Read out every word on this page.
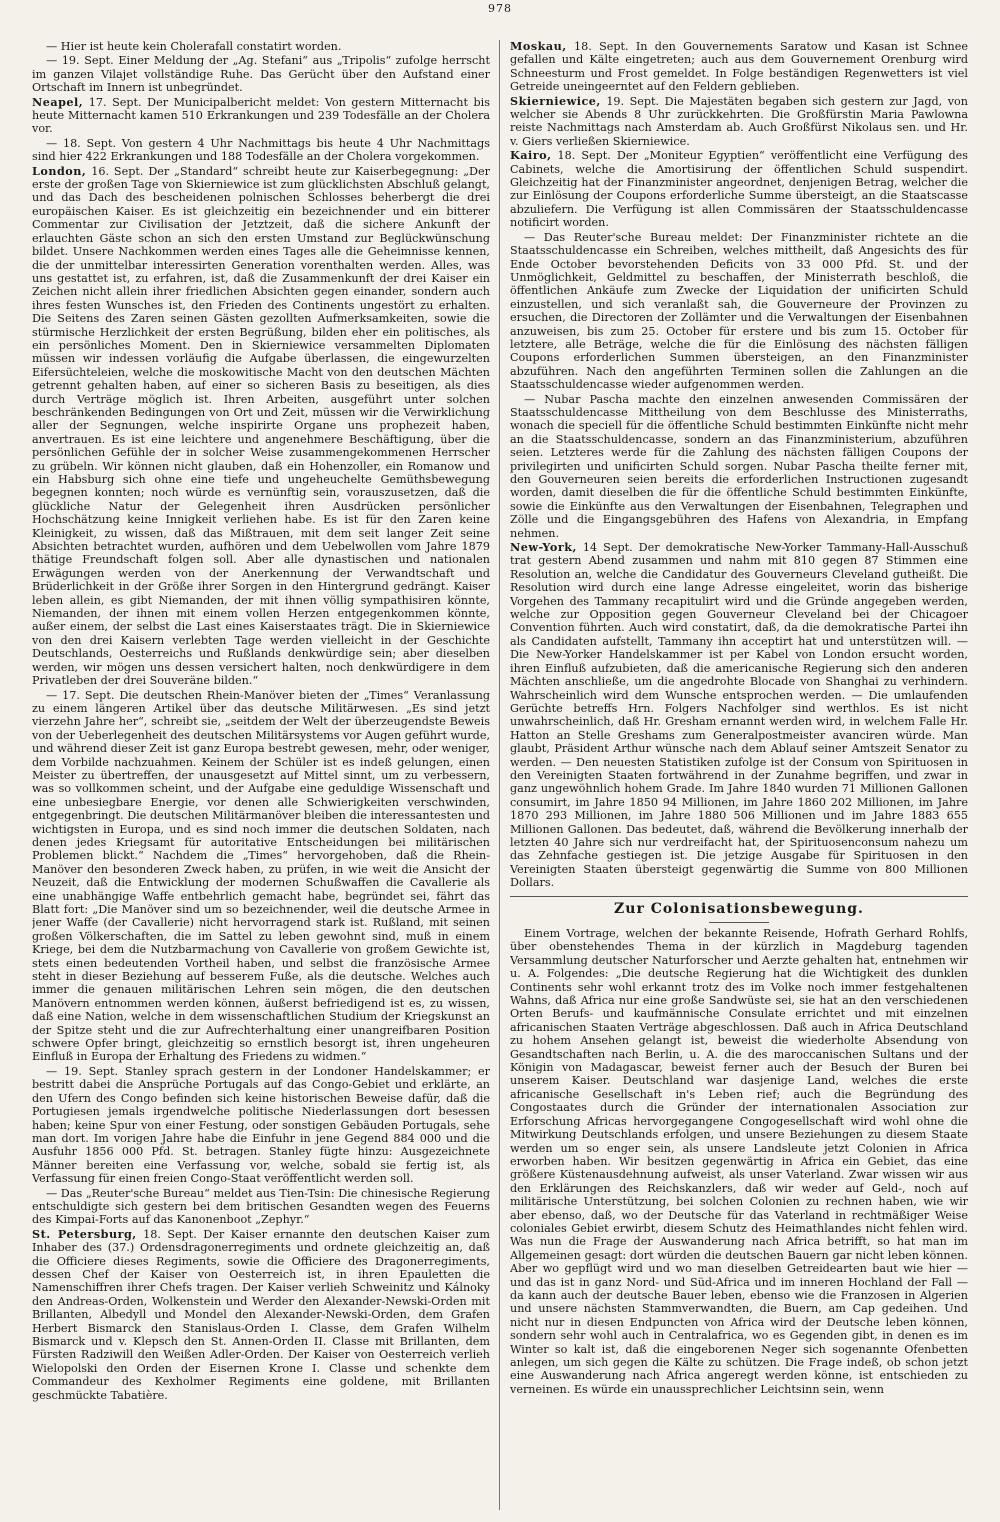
978

— Hier ist heute kein Cholerafall constatirt worden.

— 19. Sept. Einer Meldung der „Ag. Stefani“ aus „Tripolis“ zufolge herrscht im ganzen Vilajet vollständige Ruhe. Das Gerücht über den Aufstand einer Ortschaft im Innern ist unbegründet.

Neapel, 17. Sept. Der Municipalbericht meldet: Von gestern Mitternacht bis heute Mitternacht kamen 510 Erkrankungen und 239 Todesfälle an der Cholera vor.

— 18. Sept. Von gestern 4 Uhr Nachmittags bis heute 4 Uhr Nachmittags sind hier 422 Erkrankungen und 188 Todesfälle an der Cholera vorgekommen.

London, 16. Sept. Der „Standard“ schreibt heute zur Kaiserbegegnung: „Der erste der großen Tage von Skierniewice ist zum glücklichsten Abschluß gelangt, und das Dach des bescheidenen polnischen Schlosses beherbergt die drei europäischen Kaiser. Es ist gleichzeitig ein bezeichnender und ein bitterer Commentar zur Civilisation der Jetztzeit, daß die sichere Ankunft der erlauchten Gäste schon an sich den ersten Umstand zur Beglückwünschung bildet. Unsere Nachkommen werden eines Tages alle die Geheimnisse kennen, die der unmittelbar interessirten Generation vorenthalten werden. Alles, was uns gestattet ist, zu erfahren, ist, daß die Zusammenkunft der drei Kaiser ein Zeichen nicht allein ihrer friedlichen Absichten gegen einander, sondern auch ihres festen Wunsches ist, den Frieden des Continents ungestört zu erhalten. Die Seitens des Zaren seinen Gästen gezollten Aufmerksamkeiten, sowie die stürmische Herzlichkeit der ersten Begrüßung, bilden eher ein politisches, als ein persönliches Moment. Den in Skierniewice versammelten Diplomaten müssen wir indessen vorläufig die Aufgabe überlassen, die eingewurzelten Eifersüchteleien, welche die moskowitische Macht von den deutschen Mächten getrennt gehalten haben, auf einer so sicheren Basis zu beseitigen, als dies durch Verträge möglich ist. Ihren Arbeiten, ausgeführt unter solchen beschränkenden Bedingungen von Ort und Zeit, müssen wir die Verwirklichung aller der Segnungen, welche inspirirte Organe uns prophezeit haben, anvertrauen. Es ist eine leichtere und angenehmere Beschäftigung, über die persönlichen Gefühle der in solcher Weise zusammengekommenen Herrscher zu grübeln. Wir können nicht glauben, daß ein Hohenzoller, ein Romanow und ein Habsburg sich ohne eine tiefe und ungeheuchelte Gemüthsbewegung begegnen konnten; noch würde es vernünftig sein, vorauszusetzen, daß die glückliche Natur der Gelegenheit ihren Ausdrücken persönlicher Hochschätzung keine Innigkeit verliehen habe. Es ist für den Zaren keine Kleinigkeit, zu wissen, daß das Mißtrauen, mit dem seit langer Zeit seine Absichten betrachtet wurden, aufhören und dem Uebelwollen vom Jahre 1879 thätige Freundschaft folgen soll. Aber alle dynastischen und nationalen Erwägungen werden von der Anerkennung der Verwandtschaft und Brüderlichkeit in der Größe ihrer Sorgen in den Hintergrund gedrängt. Kaiser leben allein, es gibt Niemanden, der mit ihnen völlig sympathisiren könnte, Niemanden, der ihnen mit einem vollen Herzen entgegenkommen könnte, außer einem, der selbst die Last eines Kaiserstaates trägt. Die in Skierniewice von den drei Kaisern verlebten Tage werden vielleicht in der Geschichte Deutschlands, Oesterreichs und Rußlands denkwürdige sein; aber dieselben werden, wir mögen uns dessen versichert halten, noch denkwürdigere in dem Privatleben der drei Souveräne bilden.“

— 17. Sept. Die deutschen Rhein-Manöver bieten der „Times“ Veranlassung zu einem längeren Artikel über das deutsche Militärwesen. „Es sind jetzt vierzehn Jahre her“, schreibt sie, „seitdem der Welt der überzeugendste Beweis von der Ueberlegenheit des deutschen Militärsystems vor Augen geführt wurde, und während dieser Zeit ist ganz Europa bestrebt gewesen, mehr, oder weniger, dem Vorbilde nachzuahmen. Keinem der Schüler ist es indeß gelungen, einen Meister zu übertreffen, der unausgesetzt auf Mittel sinnt, um zu verbessern, was so vollkommen scheint, und der Aufgabe eine geduldige Wissenschaft und eine unbesiegbare Energie, vor denen alle Schwierigkeiten verschwinden, entgegenbringt. Die deutschen Militärmanöver bleiben die interessantesten und wichtigsten in Europa, und es sind noch immer die deutschen Soldaten, nach denen jedes Kriegsamt für autoritative Entscheidungen bei militärischen Problemen blickt.“ Nachdem die „Times“ hervorgehoben, daß die Rhein-Manöver den besonderen Zweck haben, zu prüfen, in wie weit die Ansicht der Neuzeit, daß die Entwicklung der modernen Schußwaffen die Cavallerie als eine unabhängige Waffe entbehrlich gemacht habe, begründet sei, fährt das Blatt fort: „Die Manöver sind um so bezeichnender, weil die deutsche Armee in jener Waffe (der Cavallerie) nicht hervorragend stark ist. Rußland, mit seinen großen Völkerschaften, die im Sattel zu leben gewohnt sind, muß in einem Kriege, bei dem die Nutzbarmachung von Cavallerie von großem Gewichte ist, stets einen bedeutenden Vortheil haben, und selbst die französische Armee steht in dieser Beziehung auf besserem Fuße, als die deutsche. Welches auch immer die genauen militärischen Lehren sein mögen, die den deutschen Manövern entnommen werden können, äußerst befriedigend ist es, zu wissen, daß eine Nation, welche in dem wissenschaftlichen Studium der Kriegskunst an der Spitze steht und die zur Aufrechterhaltung einer unangreifbaren Position schwere Opfer bringt, gleichzeitig so ernstlich besorgt ist, ihren ungeheuren Einfluß in Europa der Erhaltung des Friedens zu widmen.“

— 19. Sept. Stanley sprach gestern in der Londoner Handelskammer; er bestritt dabei die Ansprüche Portugals auf das Congo-Gebiet und erklärte, an den Ufern des Congo befinden sich keine historischen Beweise dafür, daß die Portugiesen jemals irgendwelche politische Niederlassungen dort besessen haben; keine Spur von einer Festung, oder sonstigen Gebäuden Portugals, sehe man dort. Im vorigen Jahre habe die Einfuhr in jene Gegend 884 000 und die Ausfuhr 1856 000 Pfd. St. betragen. Stanley fügte hinzu: Ausgezeichnete Männer bereiten eine Verfassung vor, welche, sobald sie fertig ist, als Verfassung für einen freien Congo-Staat veröffentlicht werden soll.

— Das „Reuter'sche Bureau“ meldet aus Tien-Tsin: Die chinesische Regierung entschuldigte sich gestern bei dem britischen Gesandten wegen des Feuerns des Kimpai-Forts auf das Kanonenboot „Zephyr.“

St. Petersburg, 18. Sept. Der Kaiser ernannte den deutschen Kaiser zum Inhaber des (37.) Ordensdragonerregiments und ordnete gleichzeitig an, daß die Officiere dieses Regiments, sowie die Officiere des Dragonerregiments, dessen Chef der Kaiser von Oesterreich ist, in ihren Epauletten die Namenschiffren ihrer Chefs tragen. Der Kaiser verlieh Schweinitz und Kálnoky den Andreas-Orden, Wolkenstein und Werder den Alexander-Newski-Orden mit Brillanten, Albedyll und Mondel den Alexander-Newski-Orden, dem Grafen Herbert Bismarck den Stanislaus-Orden I. Classe, dem Grafen Wilhelm Bismarck und v. Klepsch den St. Annen-Orden II. Classe mit Brillanten, dem Fürsten Radziwill den Weißen Adler-Orden. Der Kaiser von Oesterreich verlieh Wielopolski den Orden der Eisernen Krone I. Classe und schenkte dem Commandeur des Kexholmer Regiments eine goldene, mit Brillanten geschmückte Tabatière.

Moskau, 18. Sept. In den Gouvernements Saratow und Kasan ist Schnee gefallen und Kälte eingetreten; auch aus dem Gouvernement Orenburg wird Schneesturm und Frost gemeldet. In Folge beständigen Regenwetters ist viel Getreide uneingeerntet auf den Feldern geblieben.

Skierniewice, 19. Sept. Die Majestäten begaben sich gestern zur Jagd, von welcher sie Abends 8 Uhr zurückkehrten. Die Großfürstin Maria Pawlowna reiste Nachmittags nach Amsterdam ab. Auch Großfürst Nikolaus sen. und Hr. v. Giers verließen Skierniewice.

Kairo, 18. Sept. Der „Moniteur Egyptien“ veröffentlicht eine Verfügung des Cabinets, welche die Amortisirung der öffentlichen Schuld suspendirt. Gleichzeitig hat der Finanzminister angeordnet, denjenigen Betrag, welcher die zur Einlösung der Coupons erforderliche Summe übersteigt, an die Staatscasse abzuliefern. Die Verfügung ist allen Commissären der Staatsschuldencasse notificirt worden.

— Das Reuter'sche Bureau meldet: Der Finanzminister richtete an die Staatsschuldencasse ein Schreiben, welches mittheilt, daß Angesichts des für Ende October bevorstehenden Deficits von 33 000 Pfd. St. und der Unmöglichkeit, Geldmittel zu beschaffen, der Ministerrath beschloß, die öffentlichen Ankäufe zum Zwecke der Liquidation der unificirten Schuld einzustellen, und sich veranlaßt sah, die Gouverneure der Provinzen zu ersuchen, die Directoren der Zollämter und die Verwaltungen der Eisenbahnen anzuweisen, bis zum 25. October für erstere und bis zum 15. October für letztere, alle Beträge, welche die für die Einlösung des nächsten fälligen Coupons erforderlichen Summen übersteigen, an den Finanzminister abzuführen. Nach den angeführten Terminen sollen die Zahlungen an die Staatsschuldencasse wieder aufgenommen werden.

— Nubar Pascha machte den einzelnen anwesenden Commissären der Staatsschuldencasse Mittheilung von dem Beschlusse des Ministerraths, wonach die speciell für die öffentliche Schuld bestimmten Einkünfte nicht mehr an die Staatsschuldencasse, sondern an das Finanzministerium, abzuführen seien. Letzteres werde für die Zahlung des nächsten fälligen Coupons der privilegirten und unificirten Schuld sorgen. Nubar Pascha theilte ferner mit, den Gouverneuren seien bereits die erforderlichen Instructionen zugesandt worden, damit dieselben die für die öffentliche Schuld bestimmten Einkünfte, sowie die Einkünfte aus den Verwaltungen der Eisenbahnen, Telegraphen und Zölle und die Eingangsgebühren des Hafens von Alexandria, in Empfang nehmen.

New-York, 14 Sept. Der demokratische New-Yorker Tammany-Hall-Ausschuß trat gestern Abend zusammen und nahm mit 810 gegen 87 Stimmen eine Resolution an, welche die Candidatur des Gouverneurs Cleveland gutheißt. Die Resolution wird durch eine lange Adresse eingeleitet, worin das bisherige Vorgehen des Tammany recapitulirt wird und die Gründe angegeben werden, welche zur Opposition gegen Gouverneur Cleveland bei der Chicagoer Convention führten. Auch wird constatirt, daß, da die demokratische Partei ihn als Candidaten aufstellt, Tammany ihn acceptirt hat und unterstützen will. — Die New-Yorker Handelskammer ist per Kabel von London ersucht worden, ihren Einfluß aufzubieten, daß die americanische Regierung sich den anderen Mächten anschließe, um die angedrohte Blocade von Shanghai zu verhindern. Wahrscheinlich wird dem Wunsche entsprochen werden. — Die umlaufenden Gerüchte betreffs Hrn. Folgers Nachfolger sind werthlos. Es ist nicht unwahrscheinlich, daß Hr. Gresham ernannt werden wird, in welchem Falle Hr. Hatton an Stelle Greshams zum Generalpostmeister avanciren würde. Man glaubt, Präsident Arthur wünsche nach dem Ablauf seiner Amtszeit Senator zu werden. — Den neuesten Statistiken zufolge ist der Consum von Spirituosen in den Vereinigten Staaten fortwährend in der Zunahme begriffen, und zwar in ganz ungewöhnlich hohem Grade. Im Jahre 1840 wurden 71 Millionen Gallonen consumirt, im Jahre 1850 94 Millionen, im Jahre 1860 202 Millionen, im Jahre 1870 293 Millionen, im Jahre 1880 506 Millionen und im Jahre 1883 655 Millionen Gallonen. Das bedeutet, daß, während die Bevölkerung innerhalb der letzten 40 Jahre sich nur verdreifacht hat, der Spirituosenconsum nahezu um das Zehnfache gestiegen ist. Die jetzige Ausgabe für Spirituosen in den Vereinigten Staaten übersteigt gegenwärtig die Summe von 800 Millionen Dollars.

Zur Colonisationsbewegung.

Einem Vortrage, welchen der bekannte Reisende, Hofrath Gerhard Rohlfs, über obenstehendes Thema in der kürzlich in Magdeburg tagenden Versammlung deutscher Naturforscher und Aerzte gehalten hat, entnehmen wir u. A. Folgendes: „Die deutsche Regierung hat die Wichtigkeit des dunklen Continents sehr wohl erkannt trotz des im Volke noch immer festgehaltenen Wahns, daß Africa nur eine große Sandwüste sei, sie hat an den verschiedenen Orten Berufs- und kaufmännische Consulate errichtet und mit einzelnen africanischen Staaten Verträge abgeschlossen. Daß auch in Africa Deutschland zu hohem Ansehen gelangt ist, beweist die wiederholte Absendung von Gesandtschaften nach Berlin, u. A. die des maroccanischen Sultans und der Königin von Madagascar, beweist ferner auch der Besuch der Buren bei unserem Kaiser. Deutschland war dasjenige Land, welches die erste africanische Gesellschaft in's Leben rief; auch die Begründung des Congostaates durch die Gründer der internationalen Association zur Erforschung Africas hervorgegangene Congogesellschaft wird wohl ohne die Mitwirkung Deutschlands erfolgen, und unsere Beziehungen zu diesem Staate werden um so enger sein, als unsere Landsleute jetzt Colonien in Africa erworben haben. Wir besitzen gegenwärtig in Africa ein Gebiet, das eine größere Küstenausdehnung aufweist, als unser Vaterland. Zwar wissen wir aus den Erklärungen des Reichskanzlers, daß wir weder auf Geld-, noch auf militärische Unterstützung, bei solchen Colonien zu rechnen haben, wie wir aber ebenso, daß, wo der Deutsche für das Vaterland in rechtmäßiger Weise coloniales Gebiet erwirbt, diesem Schutz des Heimathlandes nicht fehlen wird. Was nun die Frage der Auswanderung nach Africa betrifft, so hat man im Allgemeinen gesagt: dort würden die deutschen Bauern gar nicht leben können. Aber wo gepflügt wird und wo man dieselben Getreidearten baut wie hier — und das ist in ganz Nord- und Süd-Africa und im inneren Hochland der Fall — da kann auch der deutsche Bauer leben, ebenso wie die Franzosen in Algerien und unsere nächsten Stammverwandten, die Buern, am Cap gedeihen. Und nicht nur in diesen Endpuncten von Africa wird der Deutsche leben können, sondern sehr wohl auch in Centralafrica, wo es Gegenden gibt, in denen es im Winter so kalt ist, daß die eingeborenen Neger sich sogenannte Ofenbetten anlegen, um sich gegen die Kälte zu schützen. Die Frage indeß, ob schon jetzt eine Auswanderung nach Africa angeregt werden könne, ist entschieden zu verneinen. Es würde ein unaussprechlicher Leichtsinn sein, wenn
